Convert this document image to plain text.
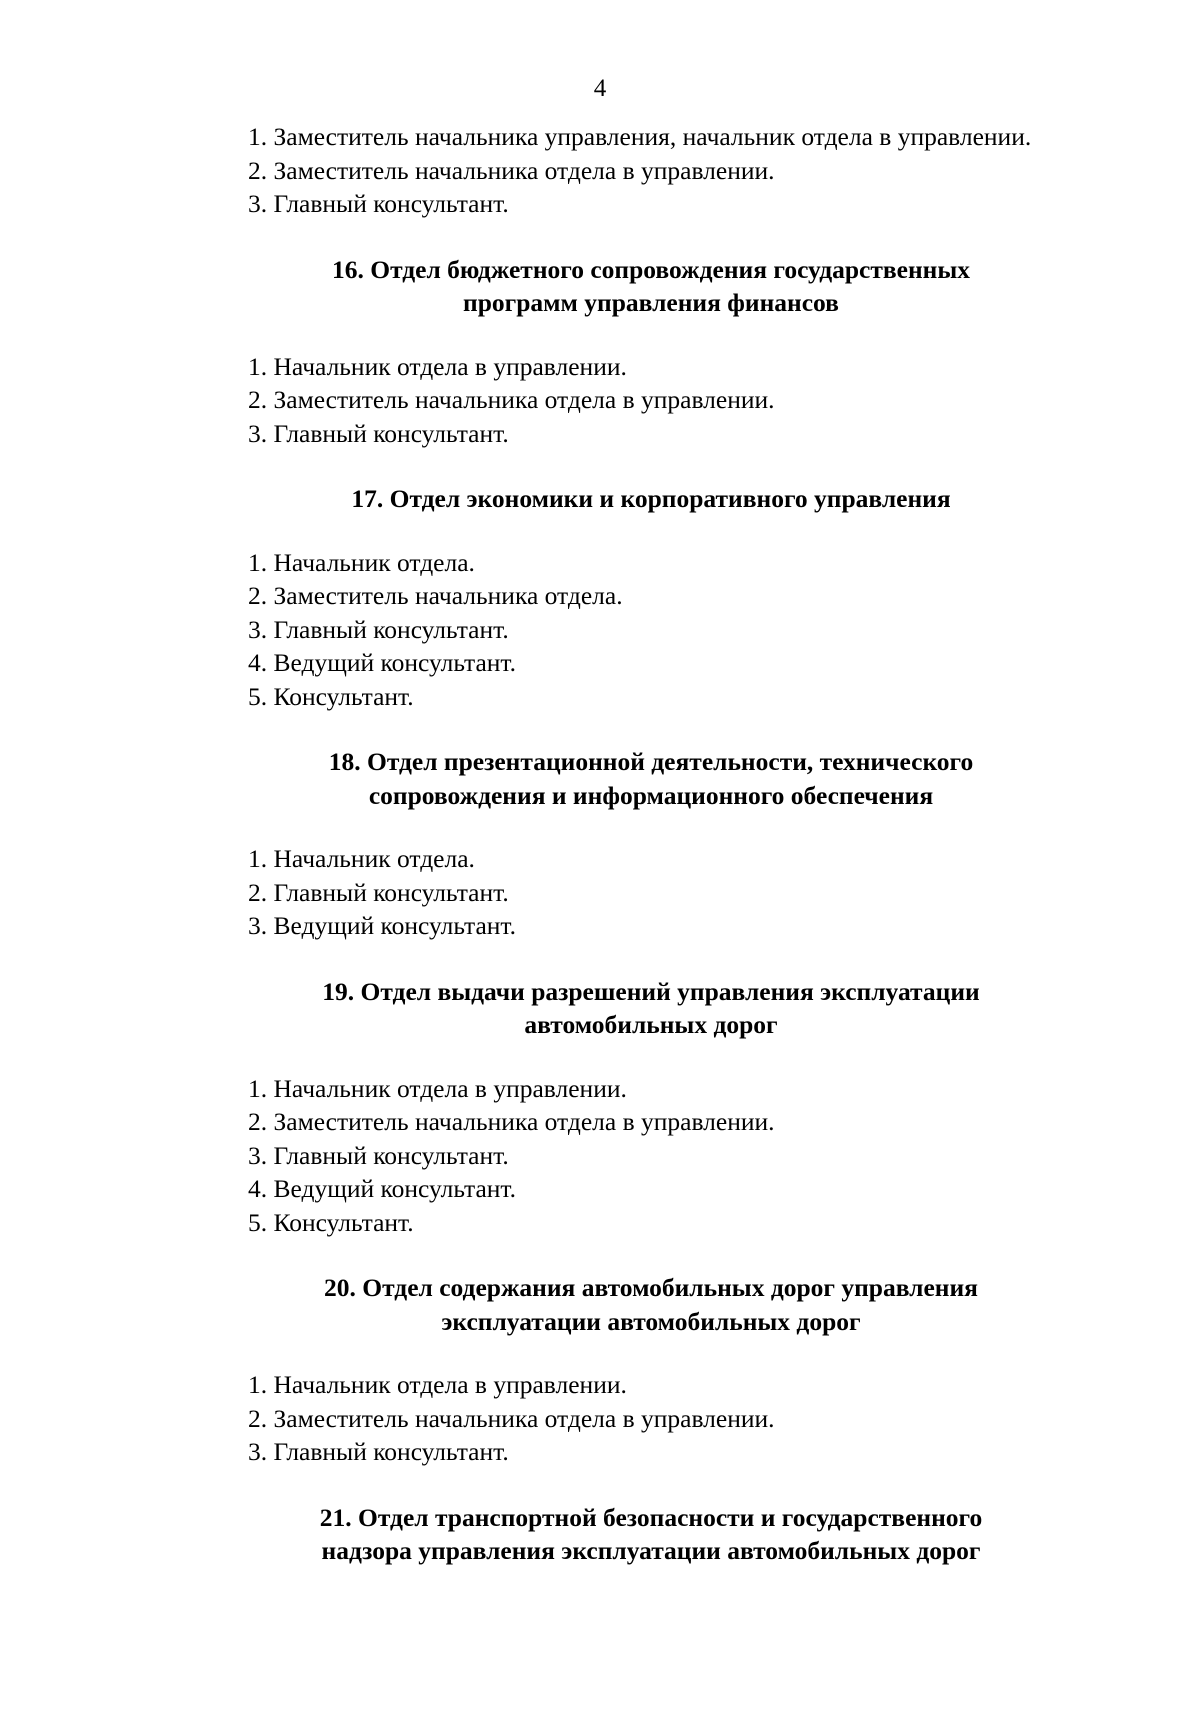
4
1. Заместитель начальника управления, начальник отдела в управлении.
2. Заместитель начальника отдела в управлении.
3. Главный консультант.
16. Отдел бюджетного сопровождения государственных
программ управления финансов
1. Начальник отдела в управлении.
2. Заместитель начальника отдела в управлении.
3. Главный консультант.
17. Отдел экономики и корпоративного управления
1. Начальник отдела.
2. Заместитель начальника отдела.
3. Главный консультант.
4. Ведущий консультант.
5. Консультант.
18. Отдел презентационной деятельности, технического
сопровождения и информационного обеспечения
1. Начальник отдела.
2. Главный консультант.
3. Ведущий консультант.
19. Отдел выдачи разрешений управления эксплуатации
автомобильных дорог
1. Начальник отдела в управлении.
2. Заместитель начальника отдела в управлении.
3. Главный консультант.
4. Ведущий консультант.
5. Консультант.
20. Отдел содержания автомобильных дорог управления
эксплуатации автомобильных дорог
1. Начальник отдела в управлении.
2. Заместитель начальника отдела в управлении.
3. Главный консультант.
21. Отдел транспортной безопасности и государственного
надзора управления эксплуатации автомобильных дорог
